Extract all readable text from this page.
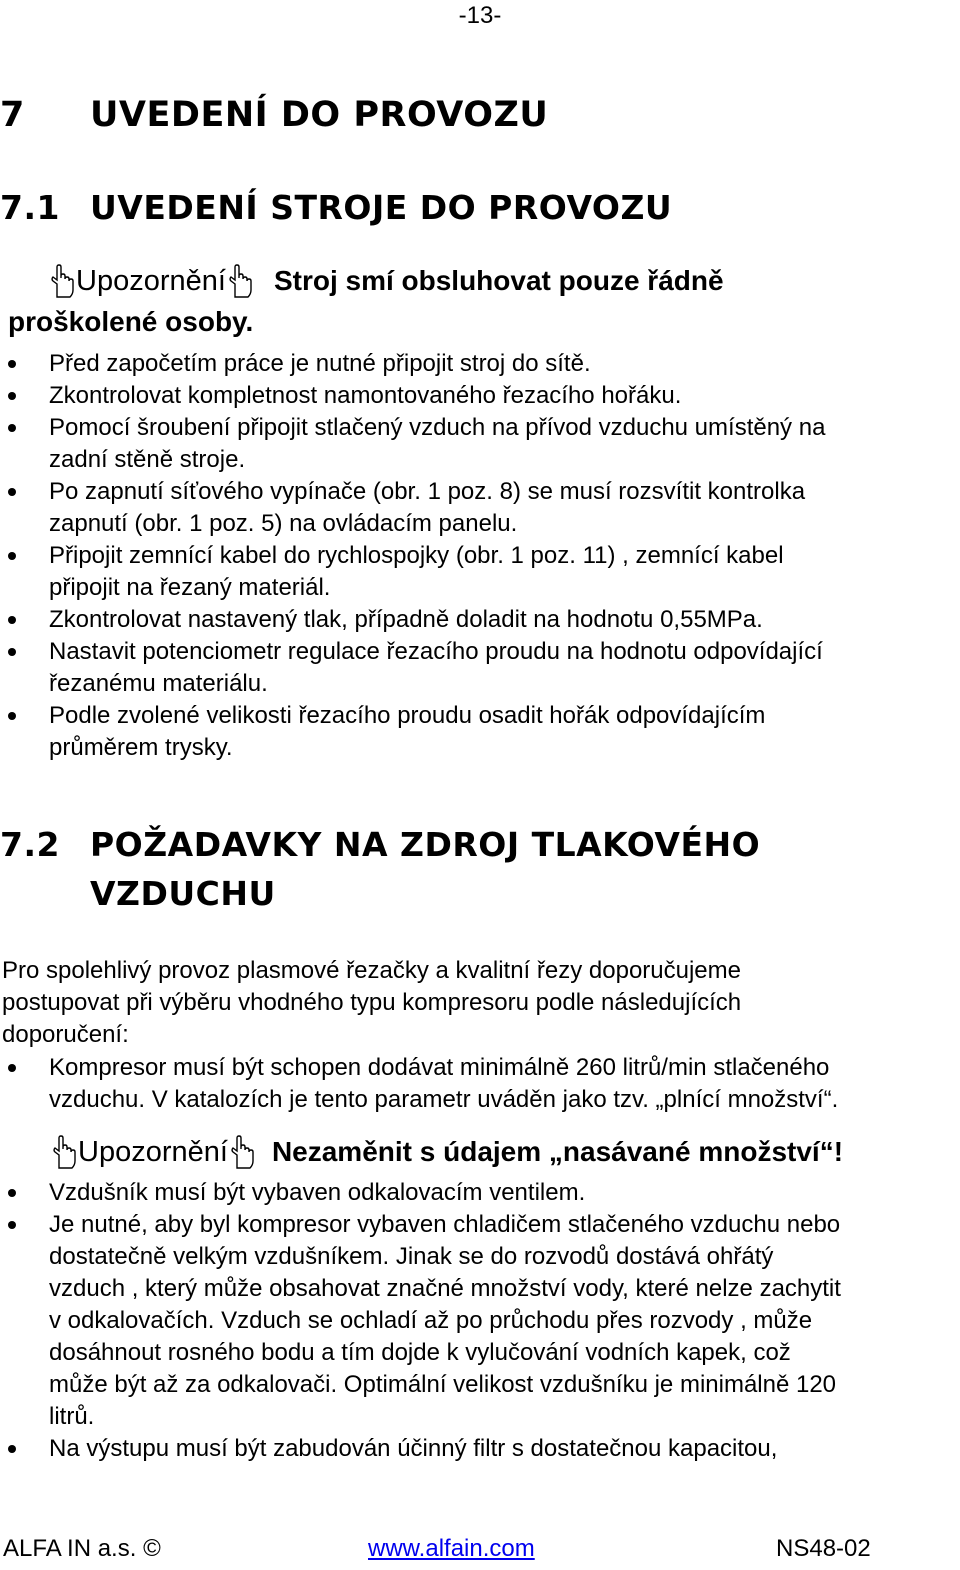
-13-
7 UVEDENÍ DO PROVOZU
7.1 UVEDENÍ STROJE DO PROVOZU
Upozornění Stroj smí obsluhovat pouze řádně
proškolené osoby.
Před započetím práce je nutné připojit stroj do sítě.
Zkontrolovat kompletnost namontovaného řezacího hořáku.
Pomocí šroubení připojit stlačený vzduch na přívod vzduchu umístěný na
zadní stěně stroje.
Po zapnutí síťového vypínače (obr. 1 poz. 8) se musí rozsvítit kontrolka
zapnutí (obr. 1 poz. 5) na ovládacím panelu.
Připojit zemnící kabel do rychlospojky (obr. 1 poz. 11) , zemnící kabel
připojit na řezaný materiál.
Zkontrolovat nastavený tlak, případně doladit na hodnotu 0,55MPa.
Nastavit potenciometr regulace řezacího proudu na hodnotu odpovídající
řezanému materiálu.
Podle zvolené velikosti řezacího proudu osadit hořák odpovídajícím
průměrem trysky.
7.2 POŽADAVKY NA ZDROJ TLAKOVÉHO
VZDUCHU
Pro spolehlivý provoz plasmové řezačky a kvalitní řezy doporučujeme
postupovat při výběru vhodného typu kompresoru podle následujících
doporučení:
Kompresor musí být schopen dodávat minimálně 260 litrů/min stlačeného
vzduchu. V katalozích je tento parametr uváděn jako tzv. „plnící množství“.
Upozornění Nezaměnit s údajem „nasávané množství“!
Vzdušník musí být vybaven odkalovacím ventilem.
Je nutné, aby byl kompresor vybaven chladičem stlačeného vzduchu nebo
dostatečně velkým vzdušníkem. Jinak se do rozvodů dostává ohřátý
vzduch , který může obsahovat značné množství vody, které nelze zachytit
v odkalovačích. Vzduch se ochladí až po průchodu přes rozvody , může
dosáhnout rosného bodu a tím dojde k vylučování vodních kapek, což
může být až za odkalovači. Optimální velikost vzdušníku je minimálně 120
litrů.
Na výstupu musí být zabudován účinný filtr s dostatečnou kapacitou,
ALFA IN a.s. ©	www.alfain.com	NS48-02
